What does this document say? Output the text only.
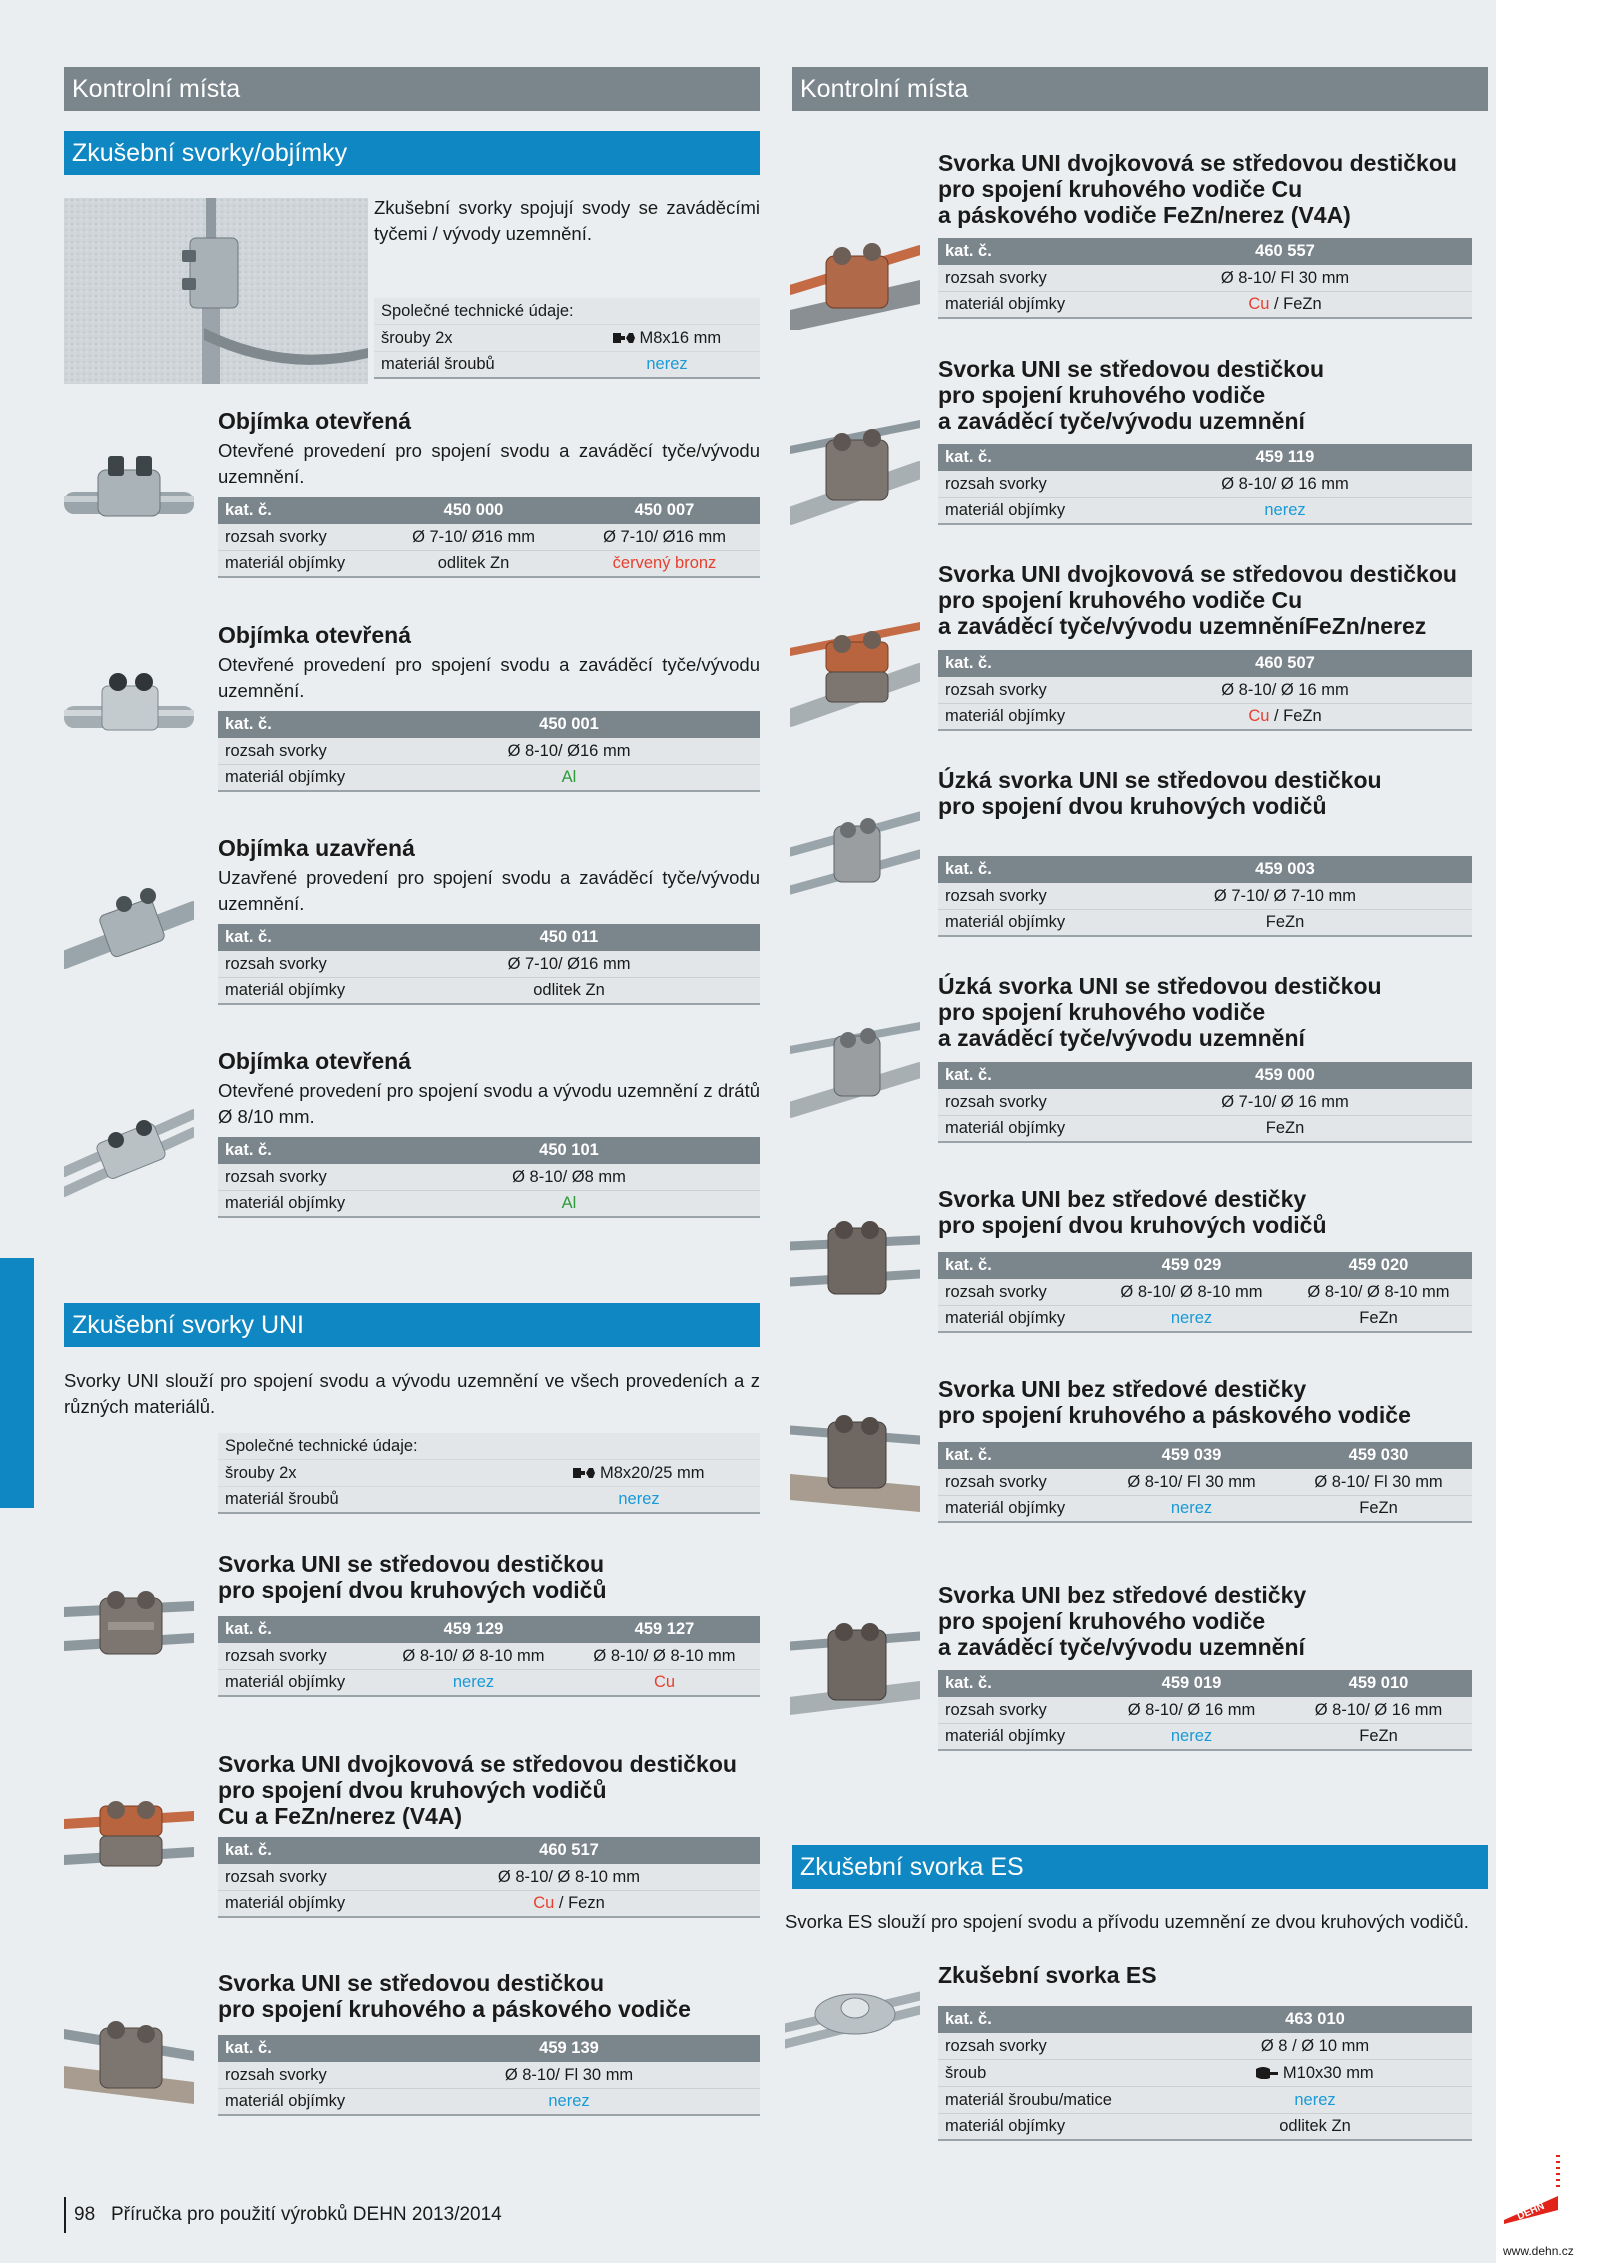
Kontrolní místa
Zkušební svorky/objímky
Zkušební svorky spojují svody se zaváděcími tyčemi / vývody uzemnění.
Společné technické údaje:
šrouby 2x	M8x16 mm
materiál šroubů	nerez
Objímka otevřená
Otevřené provedení pro spojení svodu a zaváděcí tyče/vývodu uzemnění.
kat. č.	450 000	450 007
rozsah svorky	Ø 7-10/ Ø16 mm	Ø 7-10/ Ø16 mm
materiál objímky	odlitek Zn	červený bronz
Objímka otevřená
Otevřené provedení pro spojení svodu a zaváděcí tyče/vývodu uzemnění.
kat. č.	450 001
rozsah svorky	Ø 8-10/ Ø16 mm
materiál objímky	Al
Objímka uzavřená
Uzavřené provedení pro spojení svodu a zaváděcí tyče/vývodu uzemnění.
kat. č.	450 011
rozsah svorky	Ø 7-10/ Ø16 mm
materiál objímky	odlitek Zn
Objímka otevřená
Otevřené provedení pro spojení svodu a vývodu uzemnění z drátů Ø 8/10 mm.
kat. č.	450 101
rozsah svorky	Ø 8-10/ Ø8 mm
materiál objímky	Al
Zkušební svorky UNI
Svorky UNI slouží pro spojení svodu a vývodu uzemnění ve všech provedeních a z různých materiálů.
Společné technické údaje:
šrouby 2x	M8x20/25 mm
materiál šroubů	nerez
Svorka UNI se středovou destičkou
pro spojení dvou kruhových vodičů
kat. č.	459 129	459 127
rozsah svorky	Ø 8-10/ Ø 8-10 mm	Ø 8-10/ Ø 8-10 mm
materiál objímky	nerez	Cu
Svorka UNI dvojkovová se středovou destičkou
pro spojení dvou kruhových vodičů
Cu a FeZn/nerez (V4A)
kat. č.	460 517
rozsah svorky	Ø 8-10/ Ø 8-10 mm
materiál objímky	Cu / Fezn
Svorka UNI se středovou destičkou
pro spojení kruhového a páskového vodiče
kat. č.	459 139
rozsah svorky	Ø 8-10/ Fl 30 mm
materiál objímky	nerez
Kontrolní místa
Svorka UNI dvojkovová se středovou destičkou
pro spojení kruhového vodiče Cu
a páskového vodiče FeZn/nerez (V4A)
kat. č.	460 557
rozsah svorky	Ø 8-10/ Fl 30 mm
materiál objímky	Cu / FeZn
Svorka UNI se středovou destičkou
pro spojení kruhového vodiče
a zaváděcí tyče/vývodu uzemnění
kat. č.	459 119
rozsah svorky	Ø 8-10/ Ø 16 mm
materiál objímky	nerez
Svorka UNI dvojkovová se středovou destičkou
pro spojení kruhového vodiče Cu
a zaváděcí tyče/vývodu uzemněníFeZn/nerez
kat. č.	460 507
rozsah svorky	Ø 8-10/ Ø 16 mm
materiál objímky	Cu / FeZn
Úzká svorka UNI se středovou destičkou
pro spojení dvou kruhových vodičů
kat. č.	459 003
rozsah svorky	Ø 7-10/ Ø 7-10 mm
materiál objímky	FeZn
Úzká svorka UNI se středovou destičkou
pro spojení kruhového vodiče
a zaváděcí tyče/vývodu uzemnění
kat. č.	459 000
rozsah svorky	Ø 7-10/ Ø 16 mm
materiál objímky	FeZn
Svorka UNI bez středové destičky
pro spojení dvou kruhových vodičů
kat. č.	459 029	459 020
rozsah svorky	Ø 8-10/ Ø 8-10 mm	Ø 8-10/ Ø 8-10 mm
materiál objímky	nerez	FeZn
Svorka UNI bez středové destičky
pro spojení kruhového a páskového vodiče
kat. č.	459 039	459 030
rozsah svorky	Ø 8-10/ Fl 30 mm	Ø 8-10/ Fl 30 mm
materiál objímky	nerez	FeZn
Svorka UNI bez středové destičky
pro spojení kruhového vodiče
a zaváděcí tyče/vývodu uzemnění
kat. č.	459 019	459 010
rozsah svorky	Ø 8-10/ Ø 16 mm	Ø 8-10/ Ø 16 mm
materiál objímky	nerez	FeZn
Zkušební svorka ES
Svorka ES slouží pro spojení svodu a přívodu uzemnění ze dvou kruhových vodičů.
Zkušební svorka ES
kat. č.	463 010
rozsah svorky	Ø 8 / Ø 10 mm
šroub	M10x30 mm
materiál šroubu/matice	nerez
materiál objímky	odlitek Zn
98 Příručka pro použití výrobků DEHN 2013/2014	DEHN
www.dehn.cz
